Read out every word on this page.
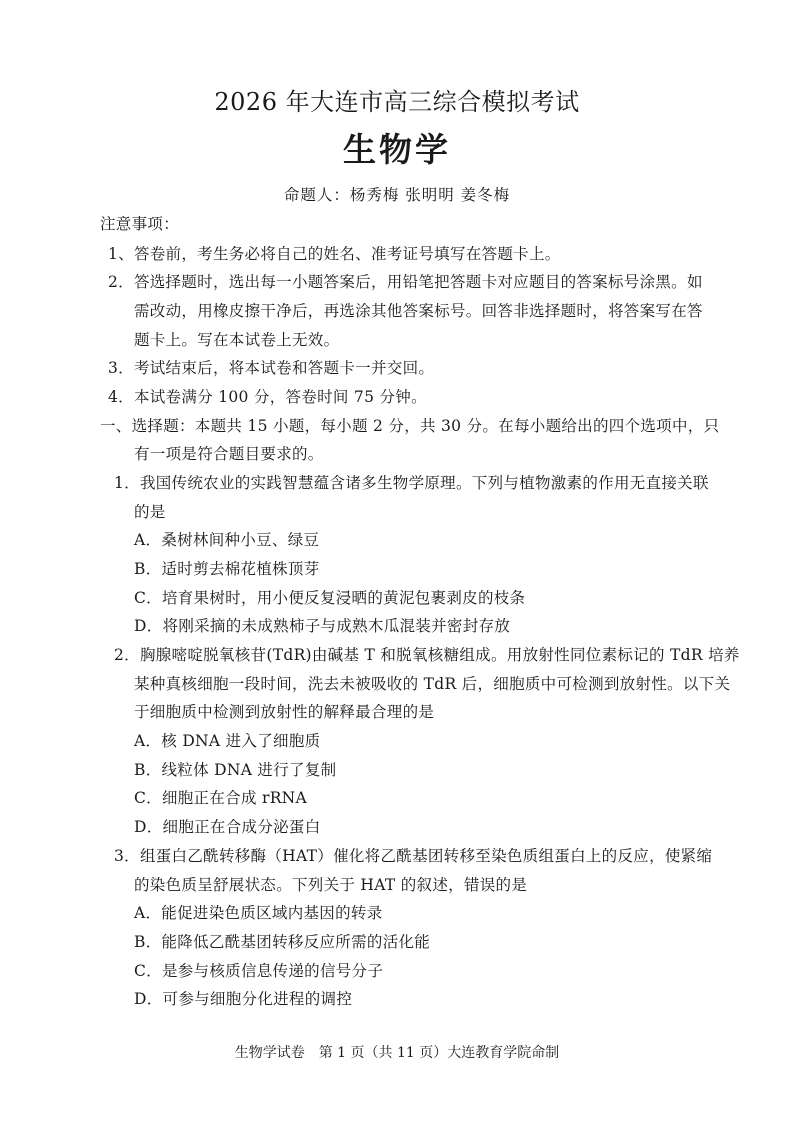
2026 年大连市高三综合模拟考试
生物学
命题人：杨秀梅 张明明 姜冬梅
注意事项：
1、答卷前，考生务必将自己的姓名、准考证号填写在答题卡上。
2．答选择题时，选出每一小题答案后，用铅笔把答题卡对应题目的答案标号涂黑。如
需改动，用橡皮擦干净后，再选涂其他答案标号。回答非选择题时，将答案写在答
题卡上。写在本试卷上无效。
3．考试结束后，将本试卷和答题卡一并交回。
4．本试卷满分 100 分，答卷时间 75 分钟。
一、选择题：本题共 15 小题，每小题 2 分，共 30 分。在每小题给出的四个选项中，只
有一项是符合题目要求的。
1．我国传统农业的实践智慧蕴含诸多生物学原理。下列与植物激素的作用无直接关联
的是
A．桑树林间种小豆、绿豆
B．适时剪去棉花植株顶芽
C．培育果树时，用小便反复浸晒的黄泥包裹剥皮的枝条
D．将刚采摘的未成熟柿子与成熟木瓜混装并密封存放
2．胸腺嘧啶脱氧核苷(TdR)由碱基 T 和脱氧核糖组成。用放射性同位素标记的 TdR 培养
某种真核细胞一段时间，洗去未被吸收的 TdR 后，细胞质中可检测到放射性。以下关
于细胞质中检测到放射性的解释最合理的是
A．核 DNA 进入了细胞质
B．线粒体 DNA 进行了复制
C．细胞正在合成 rRNA
D．细胞正在合成分泌蛋白
3．组蛋白乙酰转移酶（HAT）催化将乙酰基团转移至染色质组蛋白上的反应，使紧缩
的染色质呈舒展状态。下列关于 HAT 的叙述，错误的是
A．能促进染色质区域内基因的转录
B．能降低乙酰基团转移反应所需的活化能
C．是参与核质信息传递的信号分子
D．可参与细胞分化进程的调控
生物学试卷　第 1 页（共 11 页）大连教育学院命制
